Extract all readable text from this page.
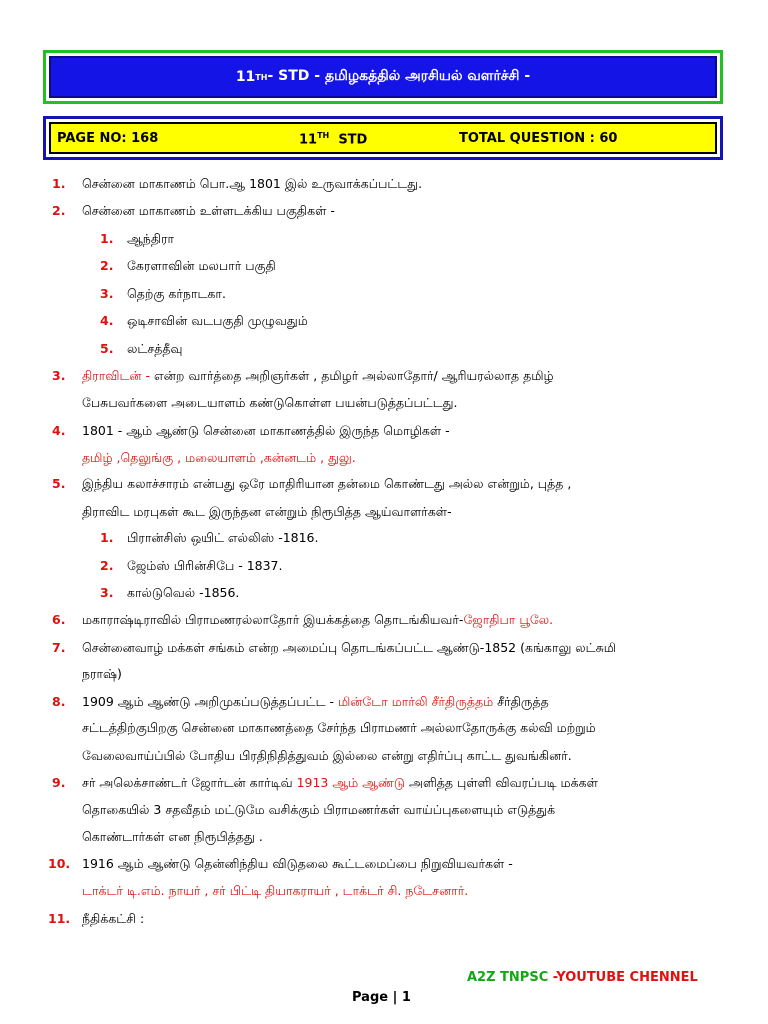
11 TH - STD - தமிழகத்தில் அரசியல் வளர்ச்சி -
PAGE NO: 168	11TH STD	TOTAL QUESTION : 60
A2Z TNPSC -YOUTUBE CHENNEL
Page | 1
1. சென்னை மாகாணம் பொ.ஆ 1801 இல் உருவாக்கப்பட்டது.
2. சென்னை மாகாணம் உள்ளடக்கிய பகுதிகள் -
1. ஆந்திரா
2. கேரளாவின் மலபார் பகுதி
3. தெற்கு கர்நாடகா.
4. ஒடிசாவின் வடபகுதி முழுவதும்
5. லட்சத்தீவு
3. திராவிடன் - என்ற வார்த்தை அறிஞர்கள் , தமிழர் அல்லாதோர்/ ஆரியரல்லாத தமிழ்
பேசுபவர்களை அடையாளம் கண்டுகொள்ள பயன்படுத்தப்பட்டது.
4. 1801 - ஆம் ஆண்டு சென்னை மாகாணத்தில் இருந்த மொழிகள் -
தமிழ் ,தெலுங்கு , மலையாளம் ,கன்னடம் , துலு.
5. இந்திய கலாச்சாரம் என்பது ஒரே மாதிரியான தன்மை கொண்டது அல்ல என்றும், புத்த ,
திராவிட மரபுகள் கூட இருந்தன என்றும் நிரூபித்த ஆய்வாளர்கள்-
1. பிரான்சிஸ் ஒயிட் எல்லிஸ் -1816.
2. ஜேம்ஸ் பிரின்சிபே - 1837.
3. கால்டுவெல் -1856.
6. மகாராஷ்டிராவில் பிராமணரல்லாதோர் இயக்கத்தை தொடங்கியவர்-ஜோதிபா பூலே.
7. சென்னைவாழ் மக்கள் சங்கம் என்ற அமைப்பு தொடங்கப்பட்ட ஆண்டு-1852 (கங்காலு லட்சுமி
நராஷ்)
8. 1909 ஆம் ஆண்டு அறிமுகப்படுத்தப்பட்ட - மின்டோ மார்லி சீர்திருத்தம் சீர்திருத்த
சட்டத்திற்குபிறகு சென்னை மாகாணத்தை சேர்ந்த பிராமணர் அல்லாதோருக்கு கல்வி மற்றும்
வேலைவாய்ப்பில் போதிய பிரதிநிதித்துவம் இல்லை என்று எதிர்ப்பு காட்ட துவங்கினர்.
9. சர் அலெக்சாண்டர் ஜோர்டன் கார்டிவ் 1913 ஆம் ஆண்டு அளித்த புள்ளி விவரப்படி மக்கள்
தொகையில் 3 சதவீதம் மட்டுமே வசிக்கும் பிராமணர்கள் வாய்ப்புகளையும் எடுத்துக்
கொண்டார்கள் என நிரூபித்தது .
10. 1916 ஆம் ஆண்டு தென்னிந்திய விடுதலை கூட்டமைப்பை நிறுவியவர்கள் -
டாக்டர் டி.எம். நாயர் , சர் பிட்டி தியாகராயர் , டாக்டர் சி. நடேசனார்.
11. நீதிக்கட்சி :
